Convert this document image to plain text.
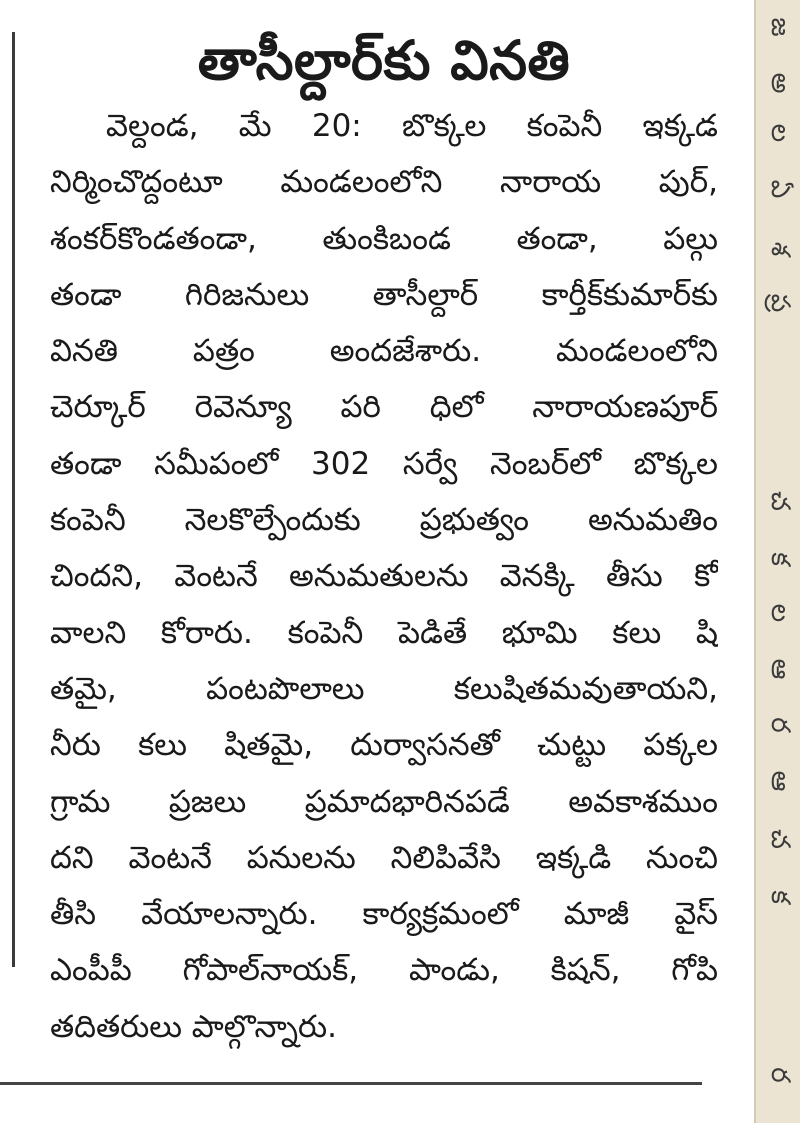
తాసీల్దార్‌కు వినతి
వెల్దండ, మే 20: బొక్కల కంపెనీ ఇక్కడ
నిర్మించొద్దంటూ మండలంలోని నారాయ పుర్,
శంకర్‌కొండతండా, తుంకిబండ తండా, పల్గు
తండా గిరిజనులు తాసీల్దార్ కార్తీక్‌కుమార్‌కు
వినతి పత్రం అందజేశారు. మండలంలోని
చెర్కూర్ రెవెన్యూ పరి ధిలో నారాయణపూర్
తండా సమీపంలో 302 సర్వే నెంబర్‌లో బొక్కల
కంపెనీ నెలకొల్పేందుకు ప్రభుత్వం అనుమతిం
చిందని, వెంటనే అనుమతులను వెనక్కి తీసు కో
వాలని కోరారు. కంపెనీ పెడితే భూమి కలు షి
తమై, పంటపొలాలు కలుషితమవుతాయని,
నీరు కలు షితమై, దుర్వాసనతో చుట్టు పక్కల
గ్రామ ప్రజలు ప్రమాదభారినపడే అవకాశముం
దని వెంటనే పనులను నిలిపివేసి ఇక్కడి నుంచి
తీసి వేయాలన్నారు. కార్యక్రమంలో మాజీ వైస్
ఎంపీపీ గోపాల్‌నాయక్, పాండు, కిషన్, గోపి
తదితరులు పాల్గొన్నారు.
జ
అ
ల
ఏ
శ
ప్ర
చ
క
ల
ఆ
ర
ఆ
చ
క
ర
